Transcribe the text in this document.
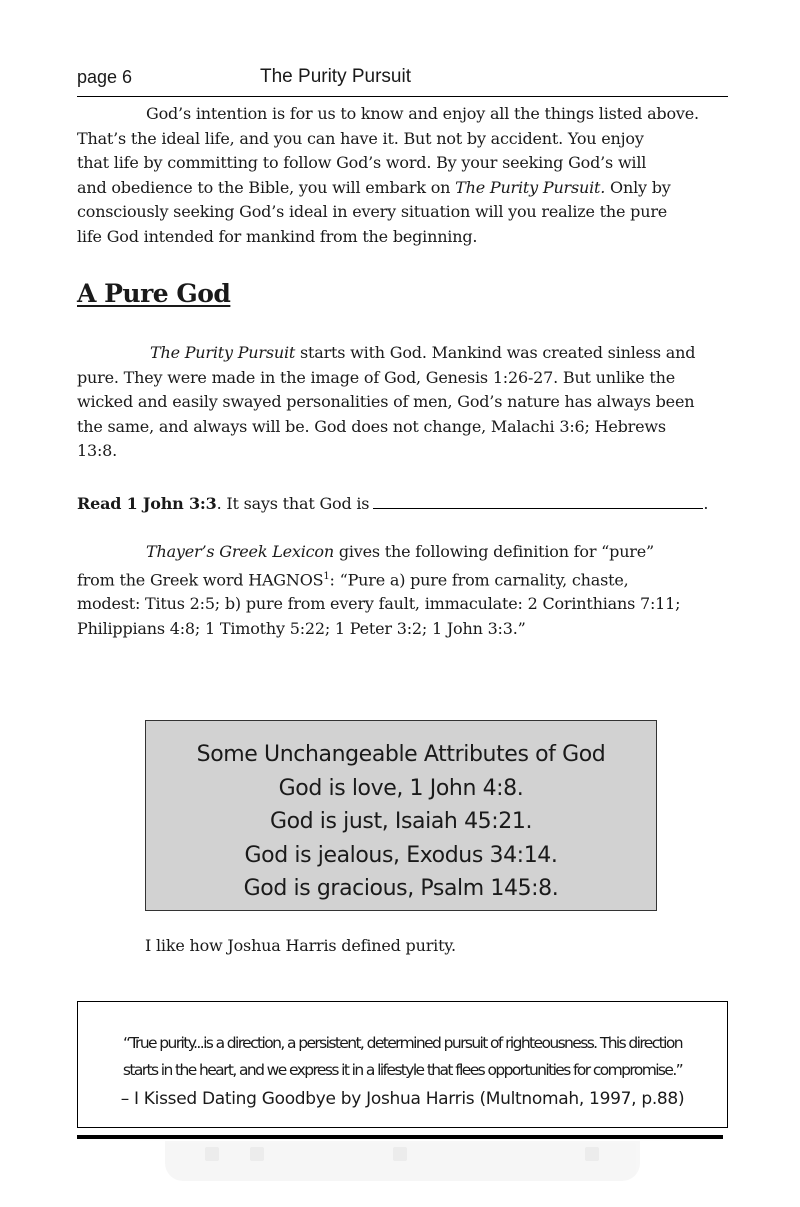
page 6	The Purity Pursuit

God’s intention is for us to know and enjoy all the things listed above.
That’s the ideal life, and you can have it. But not by accident. You enjoy
that life by committing to follow God’s word. By your seeking God’s will
and obedience to the Bible, you will embark on The Purity Pursuit. Only by
consciously seeking God’s ideal in every situation will you realize the pure
life God intended for mankind from the beginning.

A Pure God

The Purity Pursuit starts with God. Mankind was created sinless and
pure. They were made in the image of God, Genesis 1:26-27. But unlike the
wicked and easily swayed personalities of men, God’s nature has always been
the same, and always will be. God does not change, Malachi 3:6; Hebrews
13:8.

Read 1 John 3:3. It says that God is	.

Thayer’s Greek Lexicon gives the following definition for “pure”
from the Greek word HAGNOS$^1$: “Pure a) pure from carnality, chaste,
modest: Titus 2:5; b) pure from every fault, immaculate: 2 Corinthians 7:11;
Philippians 4:8; 1 Timothy 5:22; 1 Peter 3:2; 1 John 3:3.”

Some Unchangeable Attributes of God
God is love, 1 John 4:8.
God is just, Isaiah 45:21.
God is jealous, Exodus 34:14.
God is gracious, Psalm 145:8.

I like how Joshua Harris defined purity.

“True purity...is a direction, a persistent, determined pursuit of righteousness. This direction
starts in the heart, and we express it in a lifestyle that flees opportunities for compromise.”
– I Kissed Dating Goodbye by Joshua Harris (Multnomah, 1997, p.88)
